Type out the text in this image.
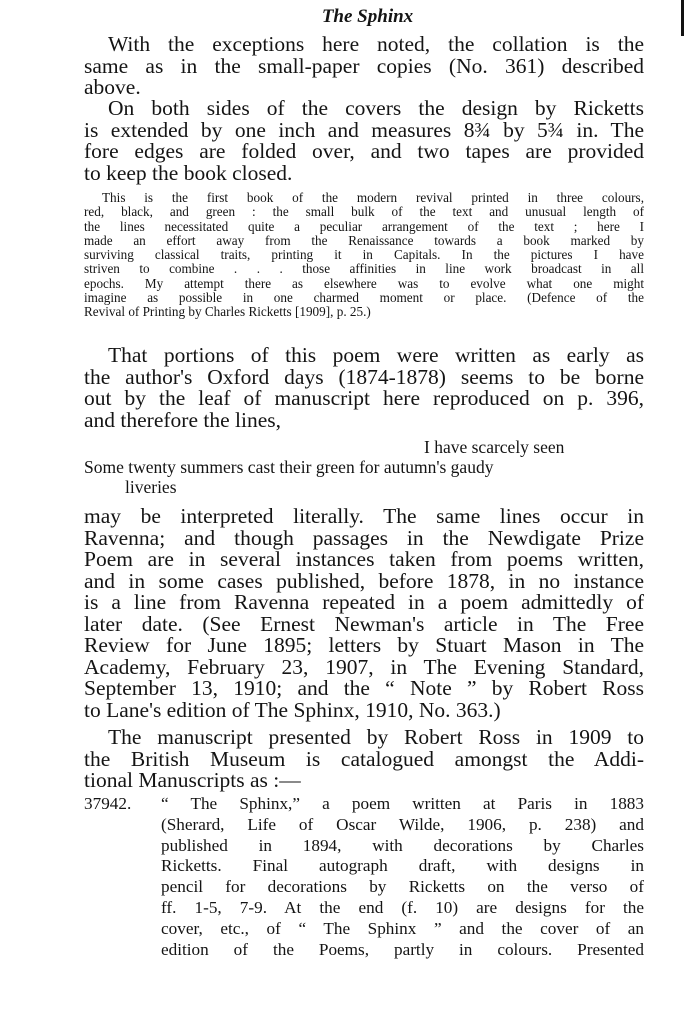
The Sphinx

With the exceptions here noted, the collation is the
same as in the small-paper copies (No. 361) described
above.

On both sides of the covers the design by Ricketts
is extended by one inch and measures 8¾ by 5¾ in. The
fore edges are folded over, and two tapes are provided
to keep the book closed.

This is the first book of the modern revival printed in three colours,
red, black, and green : the small bulk of the text and unusual length of
the lines necessitated quite a peculiar arrangement of the text ; here I
made an effort away from the Renaissance towards a book marked by
surviving classical traits, printing it in Capitals. In the pictures I have
striven to combine . . . those affinities in line work broadcast in all
epochs. My attempt there as elsewhere was to evolve what one might
imagine as possible in one charmed moment or place. (Defence of the
Revival of Printing by Charles Ricketts [1909], p. 25.)

That portions of this poem were written as early as
the author's Oxford days (1874-1878) seems to be borne
out by the leaf of manuscript here reproduced on p. 396,
and therefore the lines,

I have scarcely seen

Some twenty summers cast their green for autumn's gaudy

liveries

may be interpreted literally. The same lines occur in
Ravenna; and though passages in the Newdigate Prize
Poem are in several instances taken from poems written,
and in some cases published, before 1878, in no instance
is a line from Ravenna repeated in a poem admittedly of
later date. (See Ernest Newman's article in The Free
Review for June 1895; letters by Stuart Mason in The
Academy, February 23, 1907, in The Evening Standard,
September 13, 1910; and the “ Note ” by Robert Ross
to Lane's edition of The Sphinx, 1910, No. 363.)

The manuscript presented by Robert Ross in 1909 to
the British Museum is catalogued amongst the Addi-
tional Manuscripts as :—

37942. “ The Sphinx,” a poem written at Paris in 1883
(Sherard, Life of Oscar Wilde, 1906, p. 238) and
published in 1894, with decorations by Charles
Ricketts. Final autograph draft, with designs in
pencil for decorations by Ricketts on the verso of
ff. 1-5, 7-9. At the end (f. 10) are designs for the
cover, etc., of “ The Sphinx ” and the cover of an
edition of the Poems, partly in colours. Presented
